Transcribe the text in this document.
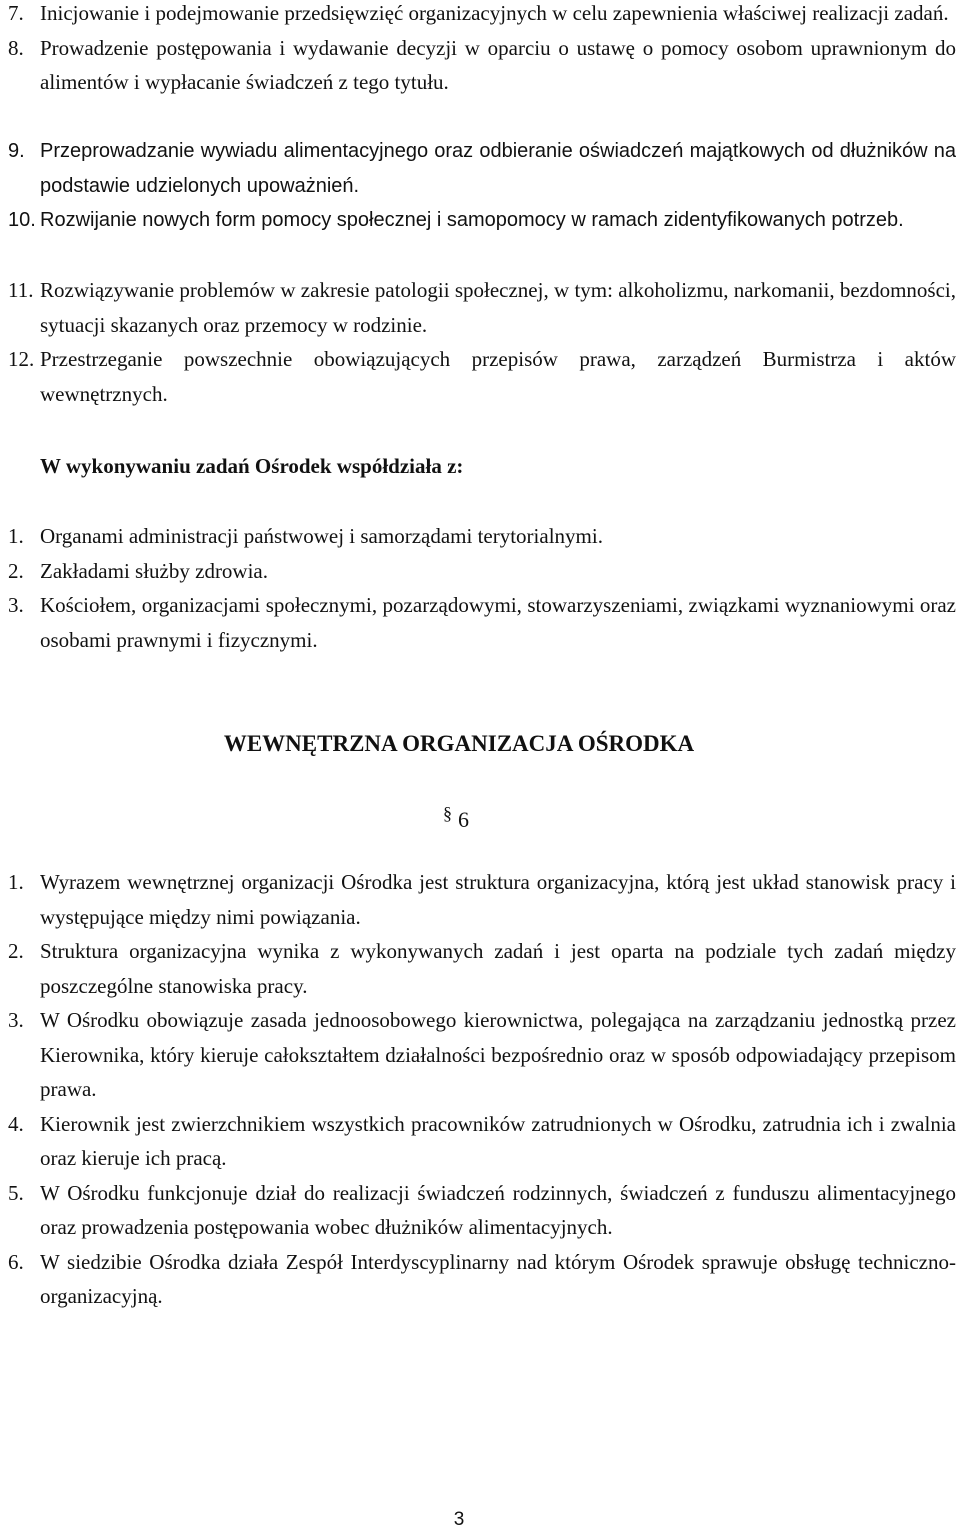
7. Inicjowanie i podejmowanie przedsięwzięć organizacyjnych w celu zapewnienia właściwej realizacji zadań.
8. Prowadzenie postępowania i wydawanie decyzji w oparciu o ustawę o pomocy osobom uprawnionym do alimentów i wypłacanie świadczeń z tego tytułu.
9. Przeprowadzanie wywiadu alimentacyjnego oraz odbieranie oświadczeń majątkowych od dłużników na podstawie udzielonych upoważnień.
10. Rozwijanie nowych form pomocy społecznej i samopomocy w ramach zidentyfikowanych potrzeb.
11. Rozwiązywanie problemów w zakresie patologii społecznej, w tym: alkoholizmu, narkomanii, bezdomności, sytuacji skazanych oraz przemocy w rodzinie.
12. Przestrzeganie powszechnie obowiązujących przepisów prawa, zarządzeń Burmistrza i aktów wewnętrznych.

W wykonywaniu zadań Ośrodek współdziała z:

1. Organami administracji państwowej i samorządami terytorialnymi.
2. Zakładami służby zdrowia.
3. Kościołem, organizacjami społecznymi, pozarządowymi, stowarzyszeniami, związkami wyznaniowymi oraz osobami prawnymi i fizycznymi.
WEWNĘTRZNA ORGANIZACJA OŚRODKA
§ 6
1. Wyrazem wewnętrznej organizacji Ośrodka jest struktura organizacyjna, którą jest układ stanowisk pracy i występujące między nimi powiązania.
2. Struktura organizacyjna wynika z wykonywanych zadań i jest oparta na podziale tych zadań między poszczególne stanowiska pracy.
3. W Ośrodku obowiązuje zasada jednoosobowego kierownictwa, polegająca na zarządzaniu jednostką przez Kierownika, który kieruje całokształtem działalności bezpośrednio oraz w sposób odpowiadający przepisom prawa.
4. Kierownik jest zwierzchnikiem wszystkich pracowników zatrudnionych w Ośrodku, zatrudnia ich i zwalnia oraz kieruje ich pracą.
5. W Ośrodku funkcjonuje dział do realizacji świadczeń rodzinnych, świadczeń z funduszu alimentacyjnego oraz prowadzenia postępowania wobec dłużników alimentacyjnych.
6. W siedzibie Ośrodka działa Zespół Interdyscyplinarny nad którym Ośrodek sprawuje obsługę techniczno-organizacyjną.
3
